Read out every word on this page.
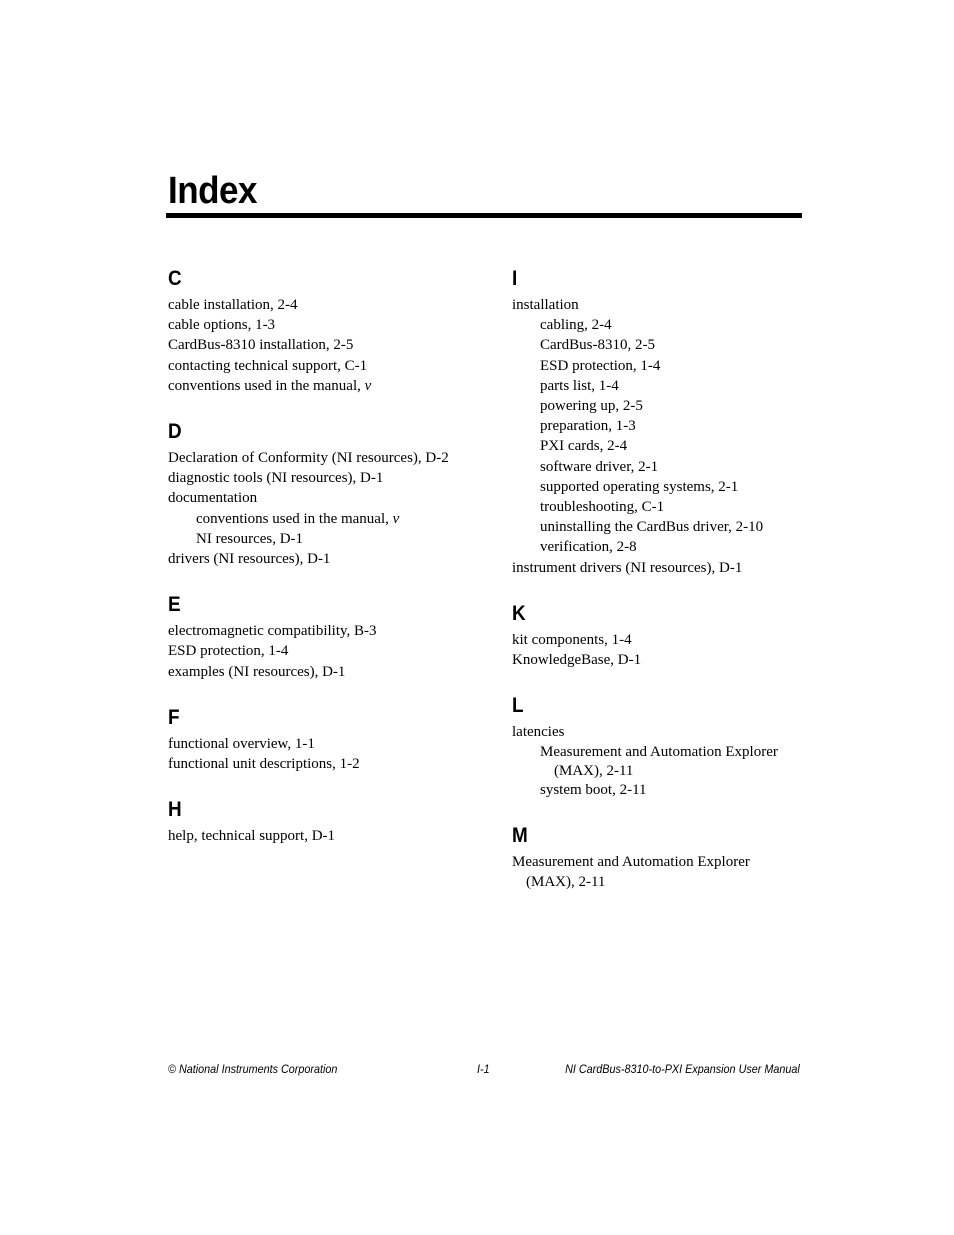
Index
C
cable installation, 2-4
cable options, 1-3
CardBus-8310 installation, 2-5
contacting technical support, C-1
conventions used in the manual, v
D
Declaration of Conformity (NI resources), D-2
diagnostic tools (NI resources), D-1
documentation
conventions used in the manual, v
NI resources, D-1
drivers (NI resources), D-1
E
electromagnetic compatibility, B-3
ESD protection, 1-4
examples (NI resources), D-1
F
functional overview, 1-1
functional unit descriptions, 1-2
H
help, technical support, D-1
I
installation
cabling, 2-4
CardBus-8310, 2-5
ESD protection, 1-4
parts list, 1-4
powering up, 2-5
preparation, 1-3
PXI cards, 2-4
software driver, 2-1
supported operating systems, 2-1
troubleshooting, C-1
uninstalling the CardBus driver, 2-10
verification, 2-8
instrument drivers (NI resources), D-1
K
kit components, 1-4
KnowledgeBase, D-1
L
latencies
Measurement and Automation Explorer
(MAX), 2-11
system boot, 2-11
M
Measurement and Automation Explorer
(MAX), 2-11
© National Instruments Corporation	I-1	NI CardBus-8310-to-PXI Expansion User Manual
